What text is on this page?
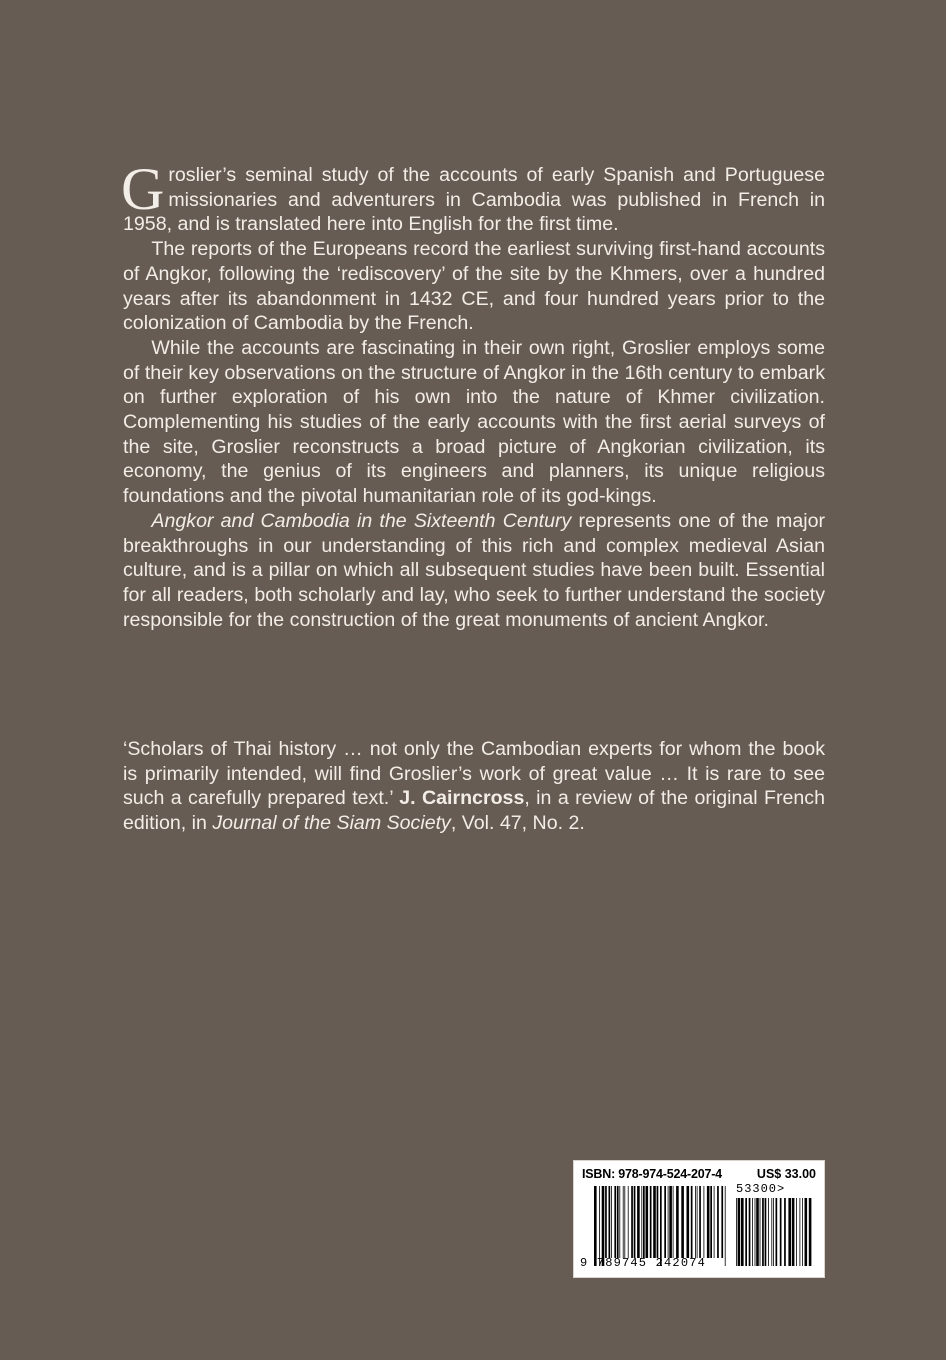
Groslier’s seminal study of the accounts of early Spanish and Portuguese missionaries and adventurers in Cambodia was published in French in 1958, and is translated here into English for the first time.

The reports of the Europeans record the earliest surviving first-hand accounts of Angkor, following the ‘rediscovery’ of the site by the Khmers, over a hundred years after its abandonment in 1432 CE, and four hundred years prior to the colonization of Cambodia by the French.

While the accounts are fascinating in their own right, Groslier employs some of their key observations on the structure of Angkor in the 16th century to embark on further exploration of his own into the nature of Khmer civilization. Complementing his studies of the early accounts with the first aerial surveys of the site, Groslier reconstructs a broad picture of Angkorian civilization, its economy, the genius of its engineers and planners, its unique religious foundations and the pivotal humanitarian role of its god-kings.

Angkor and Cambodia in the Sixteenth Century represents one of the major breakthroughs in our understanding of this rich and complex medieval Asian culture, and is a pillar on which all subsequent studies have been built. Essential for all readers, both scholarly and lay, who seek to further understand the society responsible for the construction of the great monuments of ancient Angkor.

‘Scholars of Thai history … not only the Cambodian experts for whom the book is primarily intended, will find Groslier’s work of great value … It is rare to see such a carefully prepared text.’ J. Cairncross, in a review of the original French edition, in Journal of the Siam Society, Vol. 47, No. 2.

ISBN: 978-974-524-207-4	US$ 33.00
53300>
9 789745 242074
